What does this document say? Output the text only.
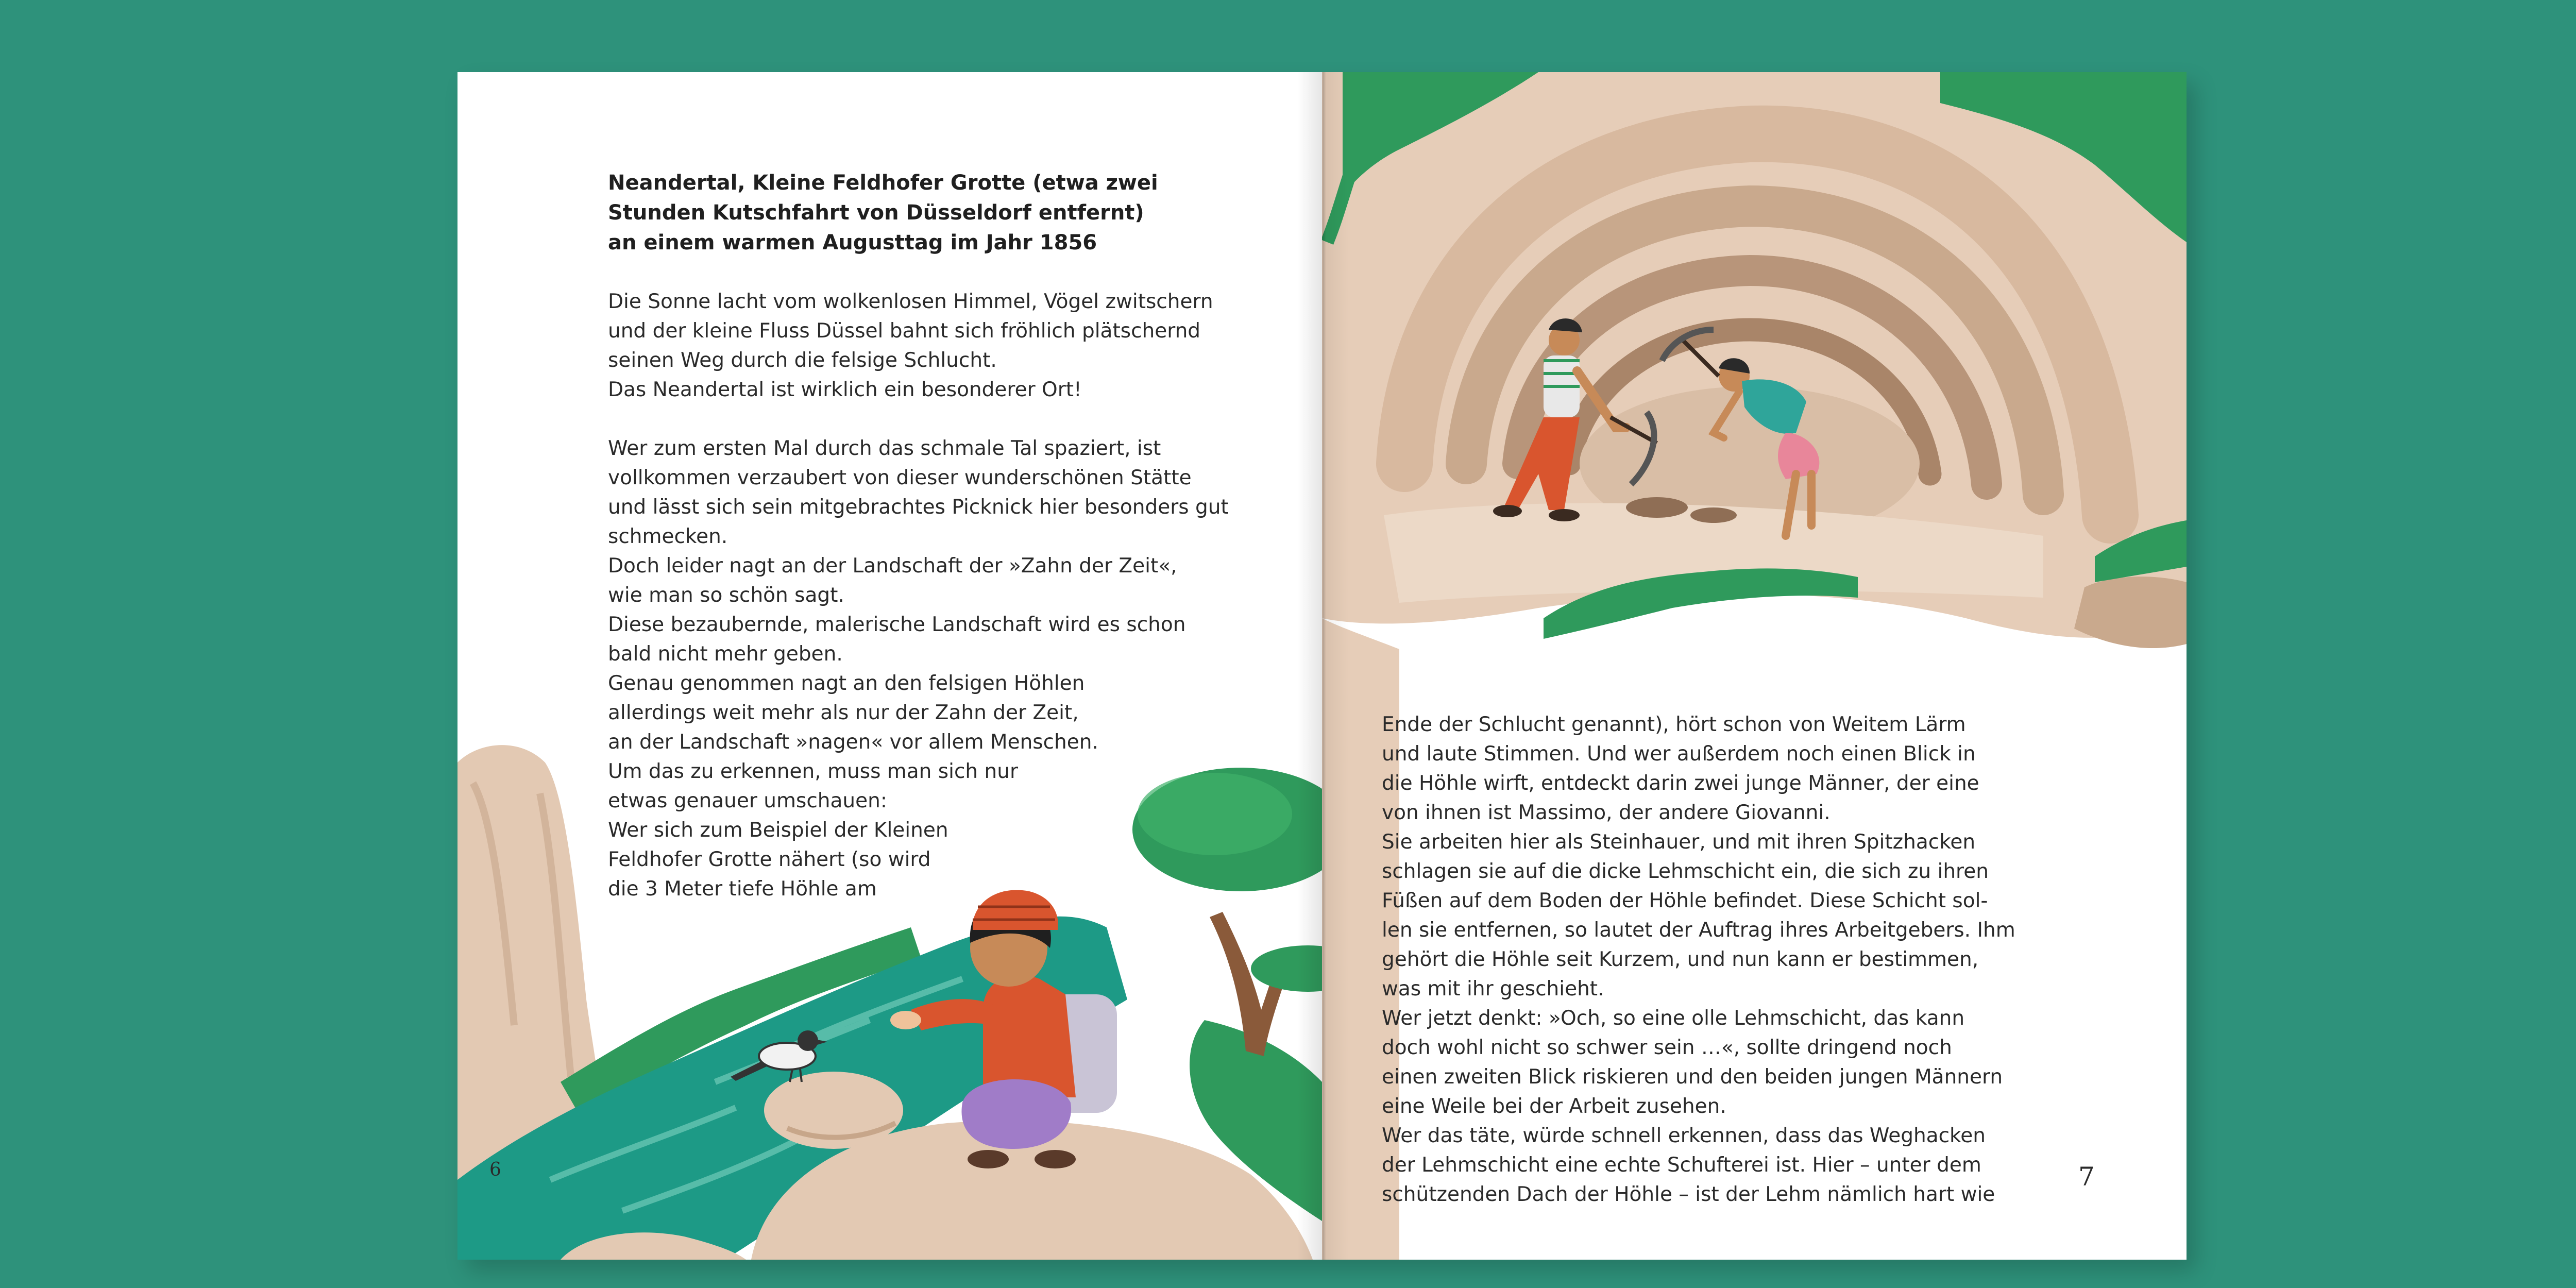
Neandertal, Kleine Feldhofer Grotte (etwa zwei

Stunden Kutschfahrt von Düsseldorf entfernt)

an einem warmen Augusttag im Jahr 1856

Die Sonne lacht vom wolkenlosen Himmel, Vögel zwitschern

und der kleine Fluss Düssel bahnt sich fröhlich plätschernd

seinen Weg durch die felsige Schlucht.

Das Neandertal ist wirklich ein besonderer Ort!

Wer zum ersten Mal durch das schmale Tal spaziert, ist

vollkommen verzaubert von dieser wunderschönen Stätte

und lässt sich sein mitgebrachtes Picknick hier besonders gut

schmecken.

Doch leider nagt an der Landschaft der »Zahn der Zeit«,

wie man so schön sagt.

Diese bezaubernde, malerische Landschaft wird es schon

bald nicht mehr geben.

Genau genommen nagt an den felsigen Höhlen

allerdings weit mehr als nur der Zahn der Zeit,

an der Landschaft »nagen« vor allem Menschen.

Um das zu erkennen, muss man sich nur

etwas genauer umschauen:

Wer sich zum Beispiel der Kleinen

Feldhofer Grotte nähert (so wird

die 3 Meter tiefe Höhle am

6

Ende der Schlucht genannt), hört schon von Weitem Lärm

und laute Stimmen. Und wer außerdem noch einen Blick in

die Höhle wirft, entdeckt darin zwei junge Männer, der eine

von ihnen ist Massimo, der andere Giovanni.

Sie arbeiten hier als Steinhauer, und mit ihren Spitzhacken

schlagen sie auf die dicke Lehmschicht ein, die sich zu ihren

Füßen auf dem Boden der Höhle befindet. Diese Schicht sol-

len sie entfernen, so lautet der Auftrag ihres Arbeitgebers. Ihm

gehört die Höhle seit Kurzem, und nun kann er bestimmen,

was mit ihr geschieht.

Wer jetzt denkt: »Och, so eine olle Lehmschicht, das kann

doch wohl nicht so schwer sein …«, sollte dringend noch

einen zweiten Blick riskieren und den beiden jungen Männern

eine Weile bei der Arbeit zusehen.

Wer das täte, würde schnell erkennen, dass das Weghacken

der Lehmschicht eine echte Schufterei ist. Hier – unter dem

schützenden Dach der Höhle – ist der Lehm nämlich hart wie

7
